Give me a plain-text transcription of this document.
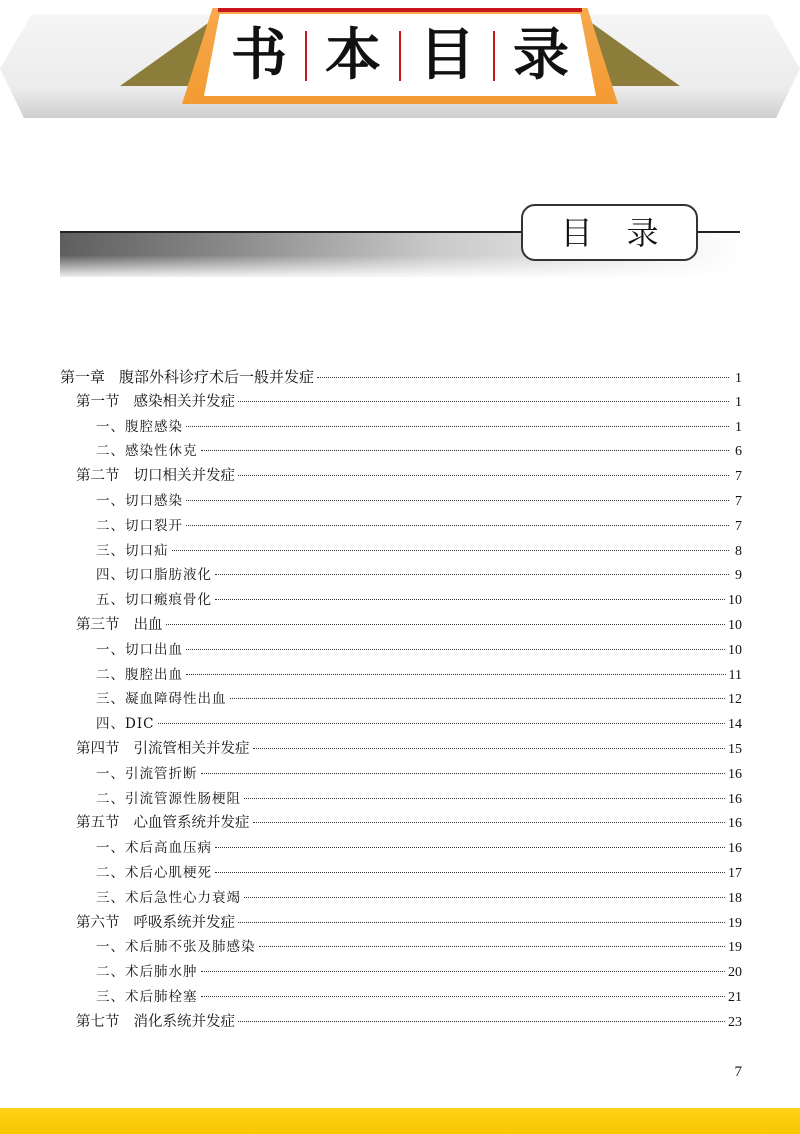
书 本 目 录
目 录
第一章 腹部外科诊疗术后一般并发症	1
第一节 感染相关并发症	1
一、 腹腔感染	1
二、 感染性休克	6
第二节 切口相关并发症	7
一、 切口感染	7
二、 切口裂开	7
三、 切口疝	8
四、 切口脂肪液化	9
五、 切口瘢痕骨化	10
第三节 出血	10
一、 切口出血	10
二、 腹腔出血	11
三、 凝血障碍性出血	12
四、 DIC	14
第四节 引流管相关并发症	15
一、 引流管折断	16
二、 引流管源性肠梗阻	16
第五节 心血管系统并发症	16
一、 术后高血压病	16
二、 术后心肌梗死	17
三、 术后急性心力衰竭	18
第六节 呼吸系统并发症	19
一、 术后肺不张及肺感染	19
二、 术后肺水肿	20
三、 术后肺栓塞	21
第七节 消化系统并发症	23
7
